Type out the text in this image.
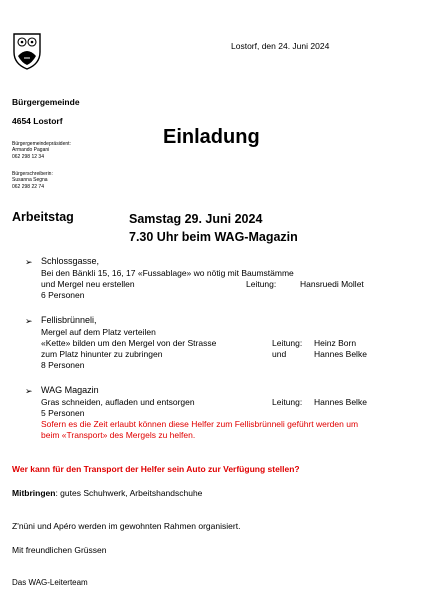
Lostorf, den 24. Juni 2024
Bürgergemeinde
4654 Lostorf
Einladung
Bürgergemeindepräsident:
Armando Pagani
062 298 12 34
Bürgerschreiberin:
Susanna Segna
062 298 22 74
Arbeitstag	Samstag 29. Juni 2024
7.30 Uhr beim WAG-Magazin
➢ Schlossgasse,
Bei den Bänkli 15, 16, 17 «Fussablage» wo nötig mit Baumstämme
und Mergel neu erstellen	Leitung:	Hansruedi Mollet
6 Personen
➢ Fellisbrünneli,
Mergel auf dem Platz verteilen
«Kette» bilden um den Mergel von der Strasse	Leitung: Heinz Born
zum Platz hinunter zu zubringen	und	Hannes Belke
8 Personen
➢ WAG Magazin
Gras schneiden, aufladen und entsorgen	Leitung: Hannes Belke
5 Personen
Sofern es die Zeit erlaubt können diese Helfer zum Fellisbrünneli geführt werden um
beim «Transport» des Mergels zu helfen.
Wer kann für den Transport der Helfer sein Auto zur Verfügung stellen?
Mitbringen: gutes Schuhwerk, Arbeitshandschuhe
Z'nüni und Apéro werden im gewohnten Rahmen organisiert.
Mit freundlichen Grüssen
Das WAG-Leiterteam
